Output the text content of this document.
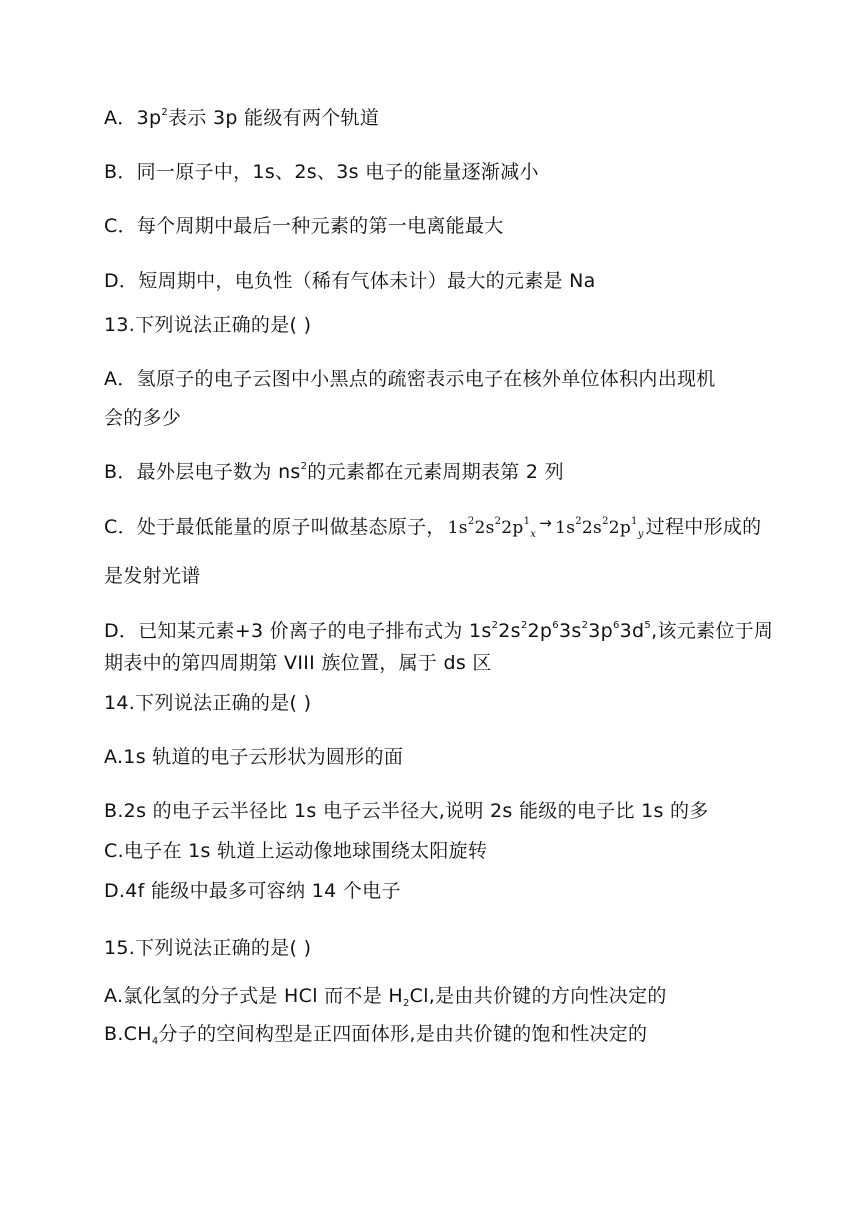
A．$3p^2$表示 3p 能级有两个轨道
B．同一原子中，1s、2s、3s 电子的能量逐渐减小
C．每个周期中最后一种元素的第一电离能最大
D．短周期中，电负性（稀有气体未计）最大的元素是 Na
13.下列说法正确的是( )
A．氢原子的电子云图中小黑点的疏密表示电子在核外单位体积内出现机
会的多少
B．最外层电子数为 $ns^2$的元素都在元素周期表第 2 列
C．处于最低能量的原子叫做基态原子， $1s^22s^22p^1_x\to 1s^22s^22p^1_y$ 过程中形成的
是发射光谱
D．已知某元素+3 价离子的电子排布式为 $1s^22s^22p^63s^23p^63d^5$,该元素位于周
期表中的第四周期第 VIII 族位置，属于 ds 区
14.下列说法正确的是( )
A.1s 轨道的电子云形状为圆形的面
B.2s 的电子云半径比 1s 电子云半径大,说明 2s 能级的电子比 1s 的多
C.电子在 1s 轨道上运动像地球围绕太阳旋转
D.4f 能级中最多可容纳 14 个电子
15.下列说法正确的是( )
A.氯化氢的分子式是 HCl 而不是 $H_2Cl$,是由共价键的方向性决定的
$B.CH_4$分子的空间构型是正四面体形,是由共价键的饱和性决定的
